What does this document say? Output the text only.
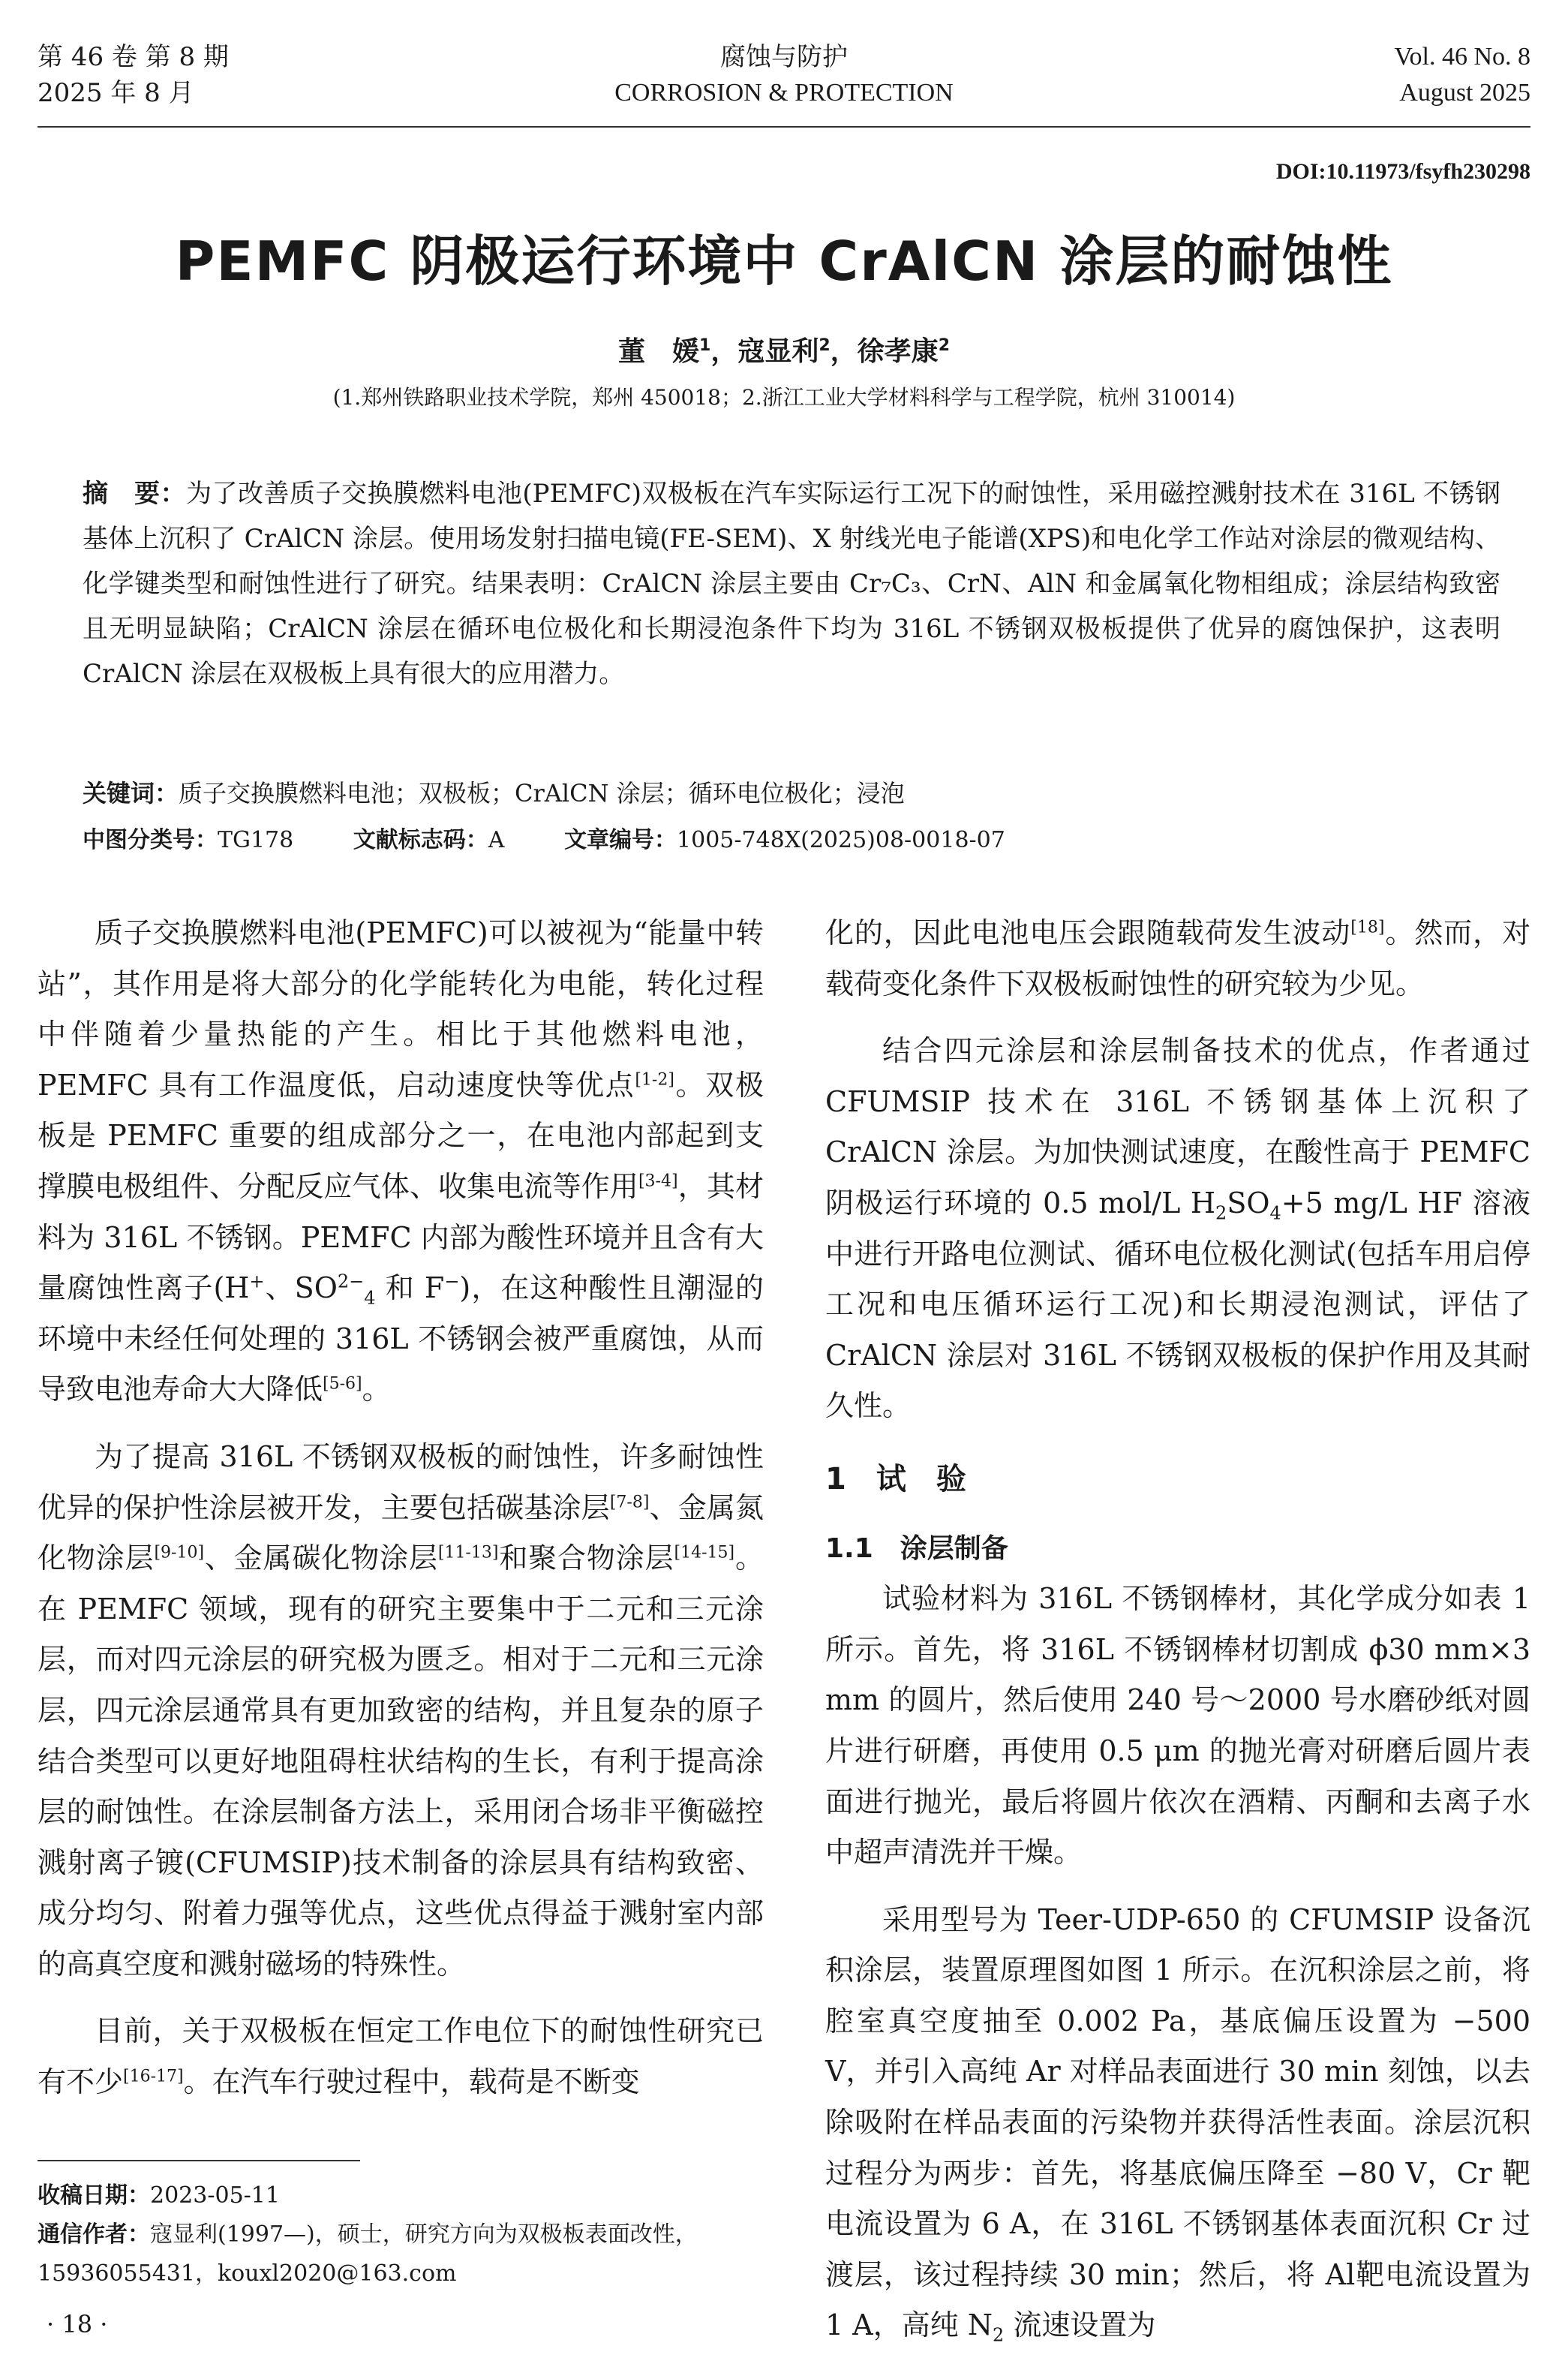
第 46 卷 第 8 期
2025 年 8 月
腐蚀与防护
CORROSION & PROTECTION
Vol. 46 No. 8
August 2025
DOI:10.11973/fsyfh230298
PEMFC 阴极运行环境中 CrAlCN 涂层的耐蚀性
董　媛$^1$，寇显利$^2$，徐孝康$^2$
(1.郑州铁路职业技术学院，郑州 450018；2.浙江工业大学材料科学与工程学院，杭州 310014)
摘　要：为了改善质子交换膜燃料电池(PEMFC)双极板在汽车实际运行工况下的耐蚀性，采用磁控溅射技术在 316L 不锈钢基体上沉积了 CrAlCN 涂层。使用场发射扫描电镜(FE-SEM)、X 射线光电子能谱(XPS)和电化学工作站对涂层的微观结构、化学键类型和耐蚀性进行了研究。结果表明：CrAlCN 涂层主要由 Cr₇C₃、CrN、AlN 和金属氧化物相组成；涂层结构致密且无明显缺陷；CrAlCN 涂层在循环电位极化和长期浸泡条件下均为 316L 不锈钢双极板提供了优异的腐蚀保护，这表明 CrAlCN 涂层在双极板上具有很大的应用潜力。
关键词：质子交换膜燃料电池；双极板；CrAlCN 涂层；循环电位极化；浸泡
中图分类号：TG178	文献标志码：A	文章编号：1005-748X(2025)08-0018-07

质子交换膜燃料电池(PEMFC)可以被视为“能量中转站”，其作用是将大部分的化学能转化为电能，转化过程中伴随着少量热能的产生。相比于其他燃料电池，PEMFC 具有工作温度低，启动速度快等优点[1-2]。双极板是 PEMFC 重要的组成部分之一，在电池内部起到支撑膜电极组件、分配反应气体、收集电流等作用[3-4]，其材料为 316L 不锈钢。PEMFC 内部为酸性环境并且含有大量腐蚀性离子(H+、$SO^{2-}_4$ 和 F−)，在这种酸性且潮湿的环境中未经任何处理的 316L 不锈钢会被严重腐蚀，从而导致电池寿命大大降低[5-6]。

为了提高 316L 不锈钢双极板的耐蚀性，许多耐蚀性优异的保护性涂层被开发，主要包括碳基涂层[7-8]、金属氮化物涂层[9-10]、金属碳化物涂层[11-13]和聚合物涂层[14-15]。在 PEMFC 领域，现有的研究主要集中于二元和三元涂层，而对四元涂层的研究极为匮乏。相对于二元和三元涂层，四元涂层通常具有更加致密的结构，并且复杂的原子结合类型可以更好地阻碍柱状结构的生长，有利于提高涂层的耐蚀性。在涂层制备方法上，采用闭合场非平衡磁控溅射离子镀(CFUMSIP)技术制备的涂层具有结构致密、成分均匀、附着力强等优点，这些优点得益于溅射室内部的高真空度和溅射磁场的特殊性。

目前，关于双极板在恒定工作电位下的耐蚀性研究已有不少[16-17]。在汽车行驶过程中，载荷是不断变

化的，因此电池电压会跟随载荷发生波动[18]。然而，对载荷变化条件下双极板耐蚀性的研究较为少见。

结合四元涂层和涂层制备技术的优点，作者通过 CFUMSIP 技术在 316L 不锈钢基体上沉积了 CrAlCN 涂层。为加快测试速度，在酸性高于 PEMFC 阴极运行环境的 0.5 mol/L $H_2SO_4+5$ mg/L HF 溶液中进行开路电位测试、循环电位极化测试(包括车用启停工况和电压循环运行工况)和长期浸泡测试，评估了 CrAlCN 涂层对 316L 不锈钢双极板的保护作用及其耐久性。

1　试　验
1.1　涂层制备

试验材料为 316L 不锈钢棒材，其化学成分如表 1 所示。首先，将 316L 不锈钢棒材切割成 ϕ30 mm×3 mm 的圆片，然后使用 240 号～2000 号水磨砂纸对圆片进行研磨，再使用 0.5 μm 的抛光膏对研磨后圆片表面进行抛光，最后将圆片依次在酒精、丙酮和去离子水中超声清洗并干燥。

采用型号为 Teer-UDP-650 的 CFUMSIP 设备沉积涂层，装置原理图如图 1 所示。在沉积涂层之前，将腔室真空度抽至 0.002 Pa，基底偏压设置为 −500 V，并引入高纯 Ar 对样品表面进行 30 min 刻蚀，以去除吸附在样品表面的污染物并获得活性表面。涂层沉积过程分为两步：首先，将基底偏压降至 −80 V，Cr 靶电流设置为 6 A，在 316L 不锈钢基体表面沉积 Cr 过渡层，该过程持续 30 min；然后，将 Al靶电流设置为 1 A，高纯 $N_2$ 流速设置为

收稿日期：2023-05-11
通信作者：寇显利(1997—)，硕士，研究方向为双极板表面改性，15936055431，kouxl2020@163.com
· 18 ·
